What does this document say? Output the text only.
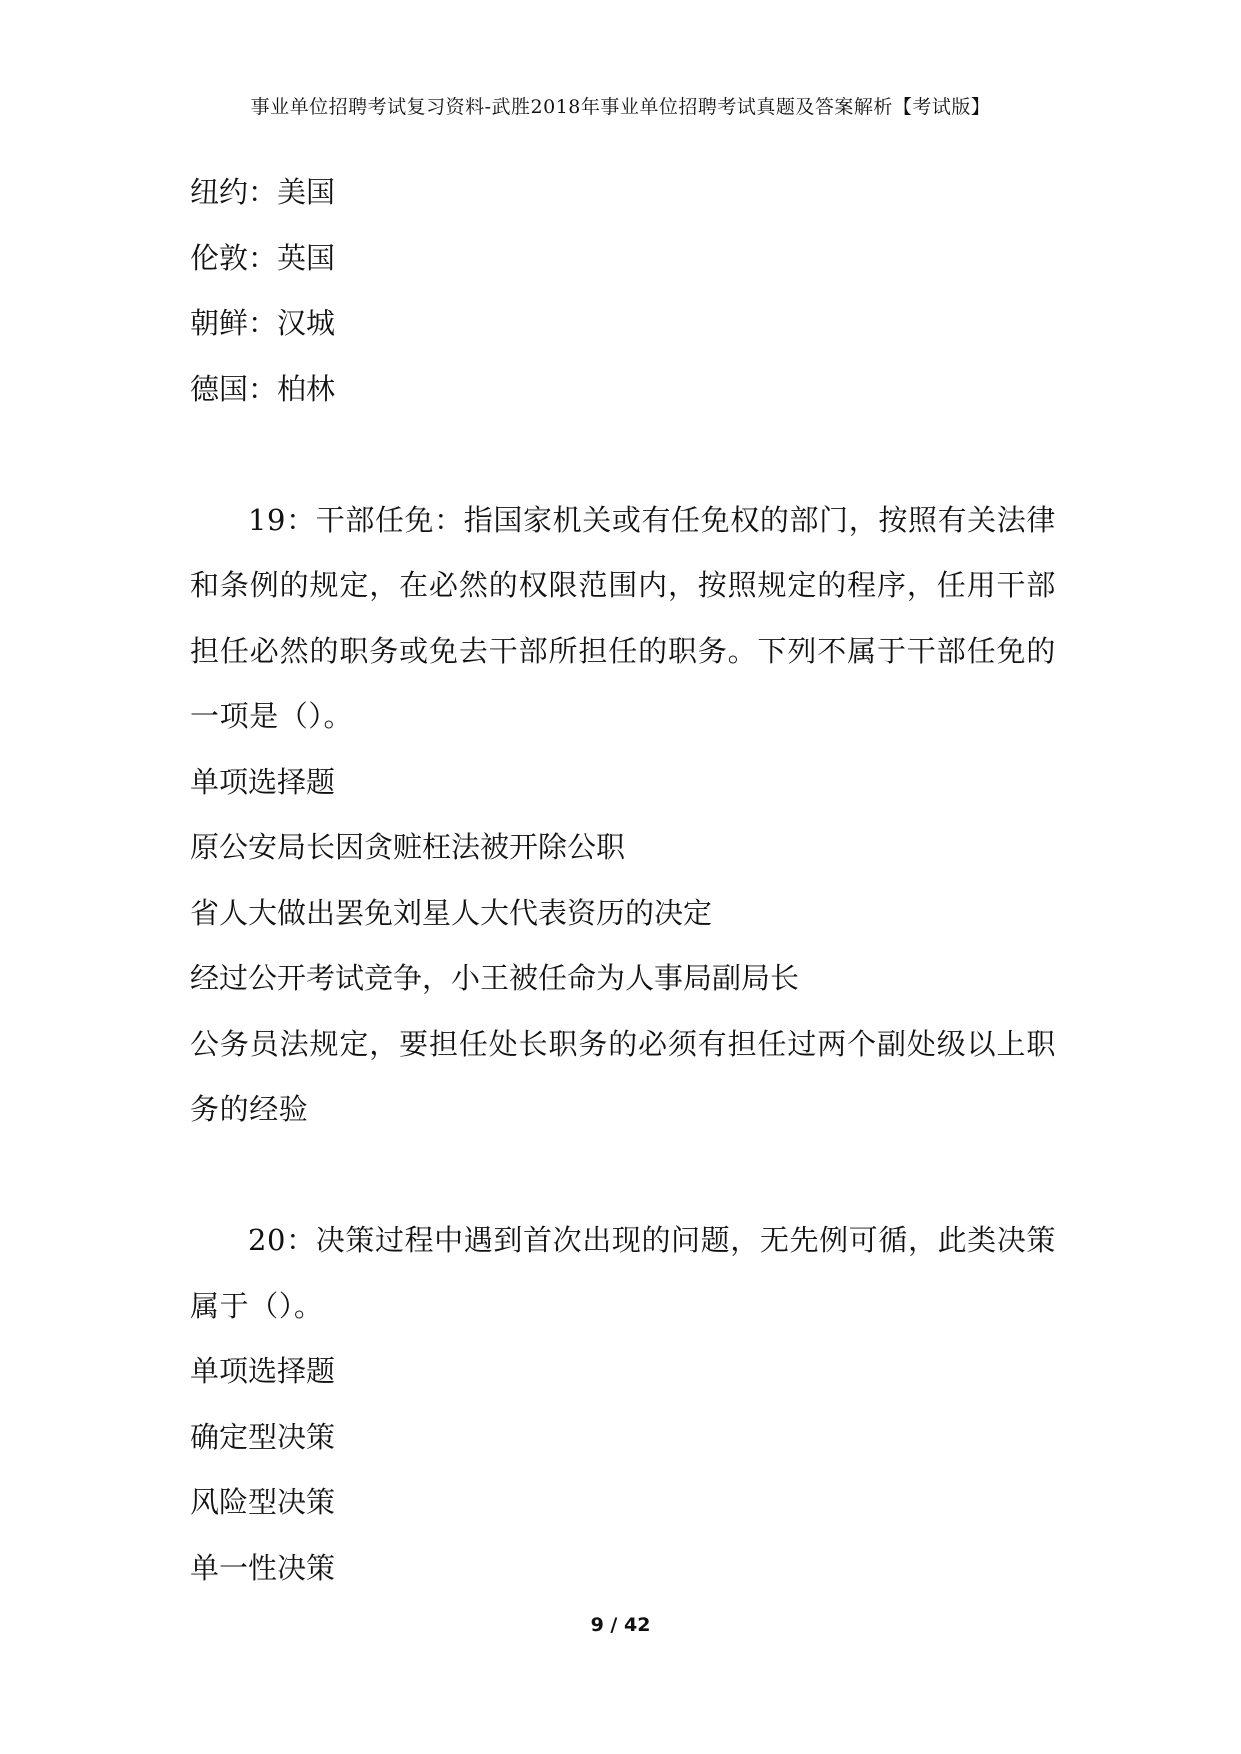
事业单位招聘考试复习资料-武胜2018年事业单位招聘考试真题及答案解析【考试版】
纽约：美国
伦敦：英国
朝鲜：汉城
德国：柏林
19：干部任免：指国家机关或有任免权的部门，按照有关法律和条例的规定，在必然的权限范围内，按照规定的程序，任用干部担任必然的职务或免去干部所担任的职务。下列不属于干部任免的一项是（）。
单项选择题
原公安局长因贪赃枉法被开除公职
省人大做出罢免刘星人大代表资历的决定
经过公开考试竞争，小王被任命为人事局副局长
公务员法规定，要担任处长职务的必须有担任过两个副处级以上职务的经验
20：决策过程中遇到首次出现的问题，无先例可循，此类决策属于（）。
单项选择题
确定型决策
风险型决策
单一性决策
9 / 42
